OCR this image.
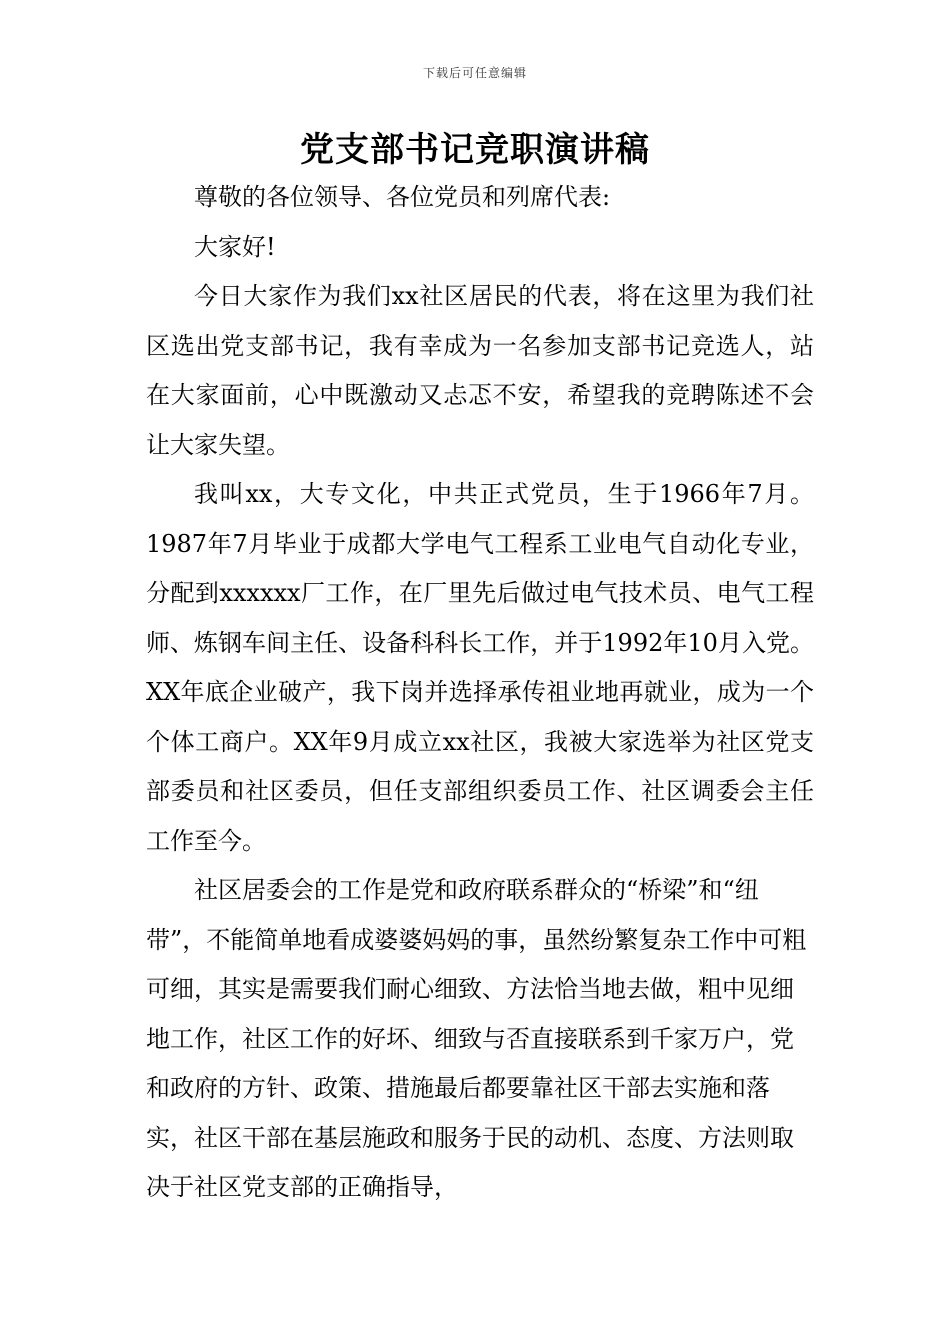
下载后可任意编辑
党支部书记竞职演讲稿

尊敬的各位领导、各位党员和列席代表:

大家好!

今日大家作为我们xx社区居民的代表，将在这里为我们社区选出党支部书记，我有幸成为一名参加支部书记竞选人，站在大家面前，心中既激动又忐忑不安，希望我的竞聘陈述不会让大家失望。

我叫xx，大专文化，中共正式党员，生于1966年7月。1987年7月毕业于成都大学电气工程系工业电气自动化专业，分配到xxxxxx厂工作，在厂里先后做过电气技术员、电气工程师、炼钢车间主任、设备科科长工作，并于1992年10月入党。XX年底企业破产，我下岗并选择承传祖业地再就业，成为一个个体工商户。XX年9月成立xx社区，我被大家选举为社区党支部委员和社区委员，但任支部组织委员工作、社区调委会主任工作至今。

社区居委会的工作是党和政府联系群众的“桥梁”和“纽带”，不能简单地看成婆婆妈妈的事，虽然纷繁复杂工作中可粗可细，其实是需要我们耐心细致、方法恰当地去做，粗中见细地工作，社区工作的好坏、细致与否直接联系到千家万户，党和政府的方针、政策、措施最后都要靠社区干部去实施和落实，社区干部在基层施政和服务于民的动机、态度、方法则取决于社区党支部的正确指导，
